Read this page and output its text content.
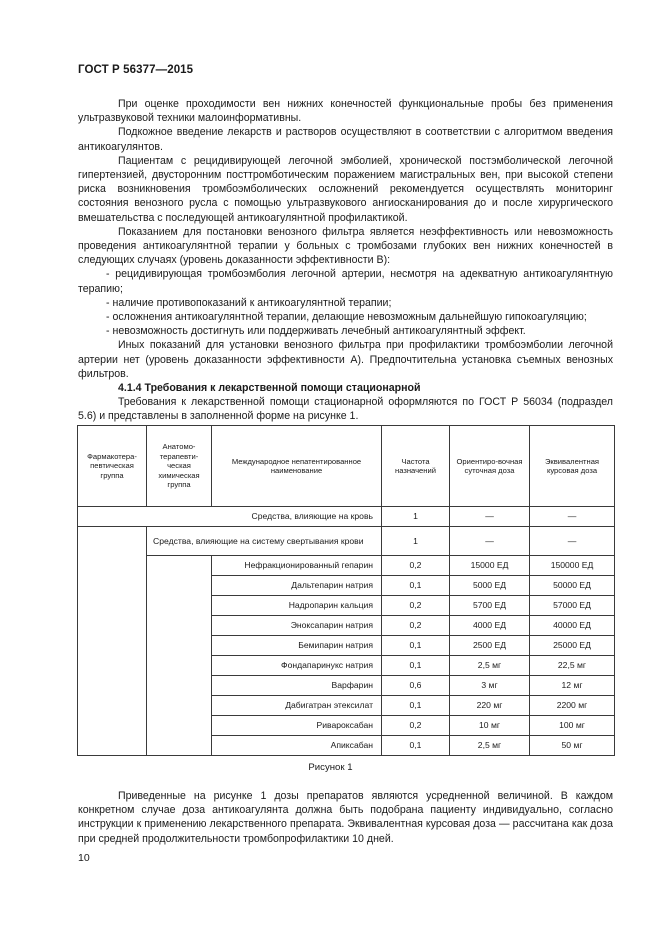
ГОСТ Р 56377—2015

При оценке проходимости вен нижних конечностей функциональные пробы без применения ультразвуковой техники малоинформативны.

Подкожное введение лекарств и растворов осуществляют в соответствии с алгоритмом введения антикоагулянтов.

Пациентам с рецидивирующей легочной эмболией, хронической постэмболической легочной гипертензией, двусторонним посттромботическим поражением магистральных вен, при высокой степени риска возникновения тромбоэмболических осложнений рекомендуется осуществлять мониторинг состояния венозного русла с помощью ультразвукового ангиосканирования до и после хирургического вмешательства с последующей антикоагулянтной профилактикой.

Показанием для постановки венозного фильтра является неэффективность или невозможность проведения антикоагулянтной терапии у больных с тромбозами глубоких вен нижних конечностей в следующих случаях (уровень доказанности эффективности В):

- рецидивирующая тромбоэмболия легочной артерии, несмотря на адекватную антикоагулянтную терапию;

- наличие противопоказаний к антикоагулянтной терапии;

- осложнения антикоагулянтной терапии, делающие невозможным дальнейшую гипокоагуляцию;

- невозможность достигнуть или поддерживать лечебный антикоагулянтный эффект.

Иных показаний для установки венозного фильтра при профилактики тромбоэмболии легочной артерии нет (уровень доказанности эффективности А). Предпочтительна установка съемных венозных фильтров.

4.1.4 Требования к лекарственной помощи стационарной

Требования к лекарственной помощи стационарной оформляются по ГОСТ Р 56034 (подраздел 5.6) и представлены в заполненной форме на рисунке 1.

Фармакотера-певтическая группа	Анатомо-терапевти-ческая химическая группа	Международное непатентированное наименование	Частота назначений	Ориентиро-вочная суточная доза	Эквивалентная курсовая доза
Средства, влияющие на кровь			1	—	—
	Средства, влияющие на систему свертывания крови		1	—	—
		Нефракционированный гепарин	0,2	15000 ЕД	150000 ЕД
		Дальтепарин натрия	0,1	5000 ЕД	50000 ЕД
		Надропарин кальция	0,2	5700 ЕД	57000 ЕД
		Эноксапарин натрия	0,2	4000 ЕД	40000 ЕД
		Бемипарин натрия	0,1	2500 ЕД	25000 ЕД
		Фондапаринукс натрия	0,1	2,5 мг	22,5 мг
		Варфарин	0,6	3 мг	12 мг
		Дабигатран этексилат	0,1	220 мг	2200 мг
		Ривароксабан	0,2	10 мг	100 мг
		Апиксабан	0,1	2,5 мг	50 мг
Рисунок 1

Приведенные на рисунке 1 дозы препаратов являются усредненной величиной. В каждом конкретном случае доза антикоагулянта должна быть подобрана пациенту индивидуально, согласно инструкции к применению лекарственного препарата. Эквивалентная курсовая доза — рассчитана как доза при средней продолжительности тромбопрофилактики 10 дней.

10
